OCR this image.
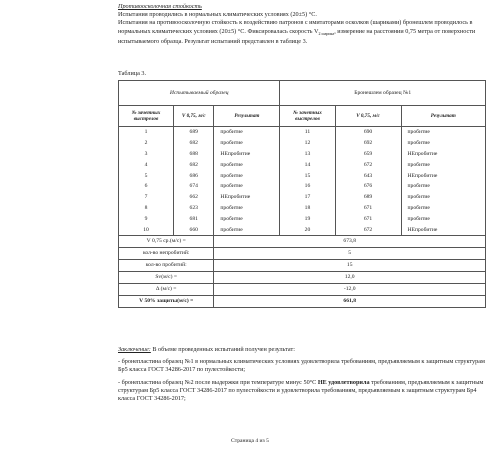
Противоосколочная стойкость

Испытания проводились в нормальных климатических условиях (20±5) °С.

Испытания на противоосколочную стойкость к воздействию патронов с имитаторами осколков (шариками) бронешлем проводилось в нормальных климатических условиях (20±5) °С. Фиксировалась скорость $V_{2 шарика}$, измерение на расстоянии 0,75 метра от поверхности испытываемого образца. Результат испытаний представлен в таблице 3.

Таблица 3.
Испытываемый образец			Бронешлем образец №1		
№ зачетных выстрелов	V 0,75, м/с	Результат	№ зачетных выстрелов	V 0,75, м/с	Результат
1	689	пробитие	11	690	пробитие
2	682	пробитие	12	692	пробитие
3	688	НЕпробитие	13	659	НЕпробитие
4	682	пробитие	14	672	пробитие
5	686	пробитие	15	643	НЕпробитие
6	674	пробитие	16	676	пробитие
7	662	НЕпробитие	17	689	пробитие
8	623	пробитие	18	671	пробитие
9	681	пробитие	19	671	пробитие
10	660	пробитие	20	672	НЕпробитие
V 0,75 ср.(м/с) =		673,8			
кол-во непробитий:		5			
кол-во пробитий:		15			
Sv(м/с) =		12,0			
Δ (м/с) =		-12,0			
V 50% защиты(м/с) =		661,8			

Заключение: В объеме проведенных испытаний получен результат:

- бронепластина образец №1 в нормальных климатических условиях удовлетворила требованиям, предъявляемым к защитным структурам Бр5 класса ГОСТ 34286-2017 по пулестойкости;

- бронепластина образец №2 после выдержки при температуре минус 50°С НЕ удовлетворила требованиям, предъявляемым к защитным структурам Бр5 класса ГОСТ 34286-2017 по пулестойкости и удовлетворила требованиям, предъявляемым к защитным структурам Бр4 класса ГОСТ 34286-2017;

Страница 4 из 5
